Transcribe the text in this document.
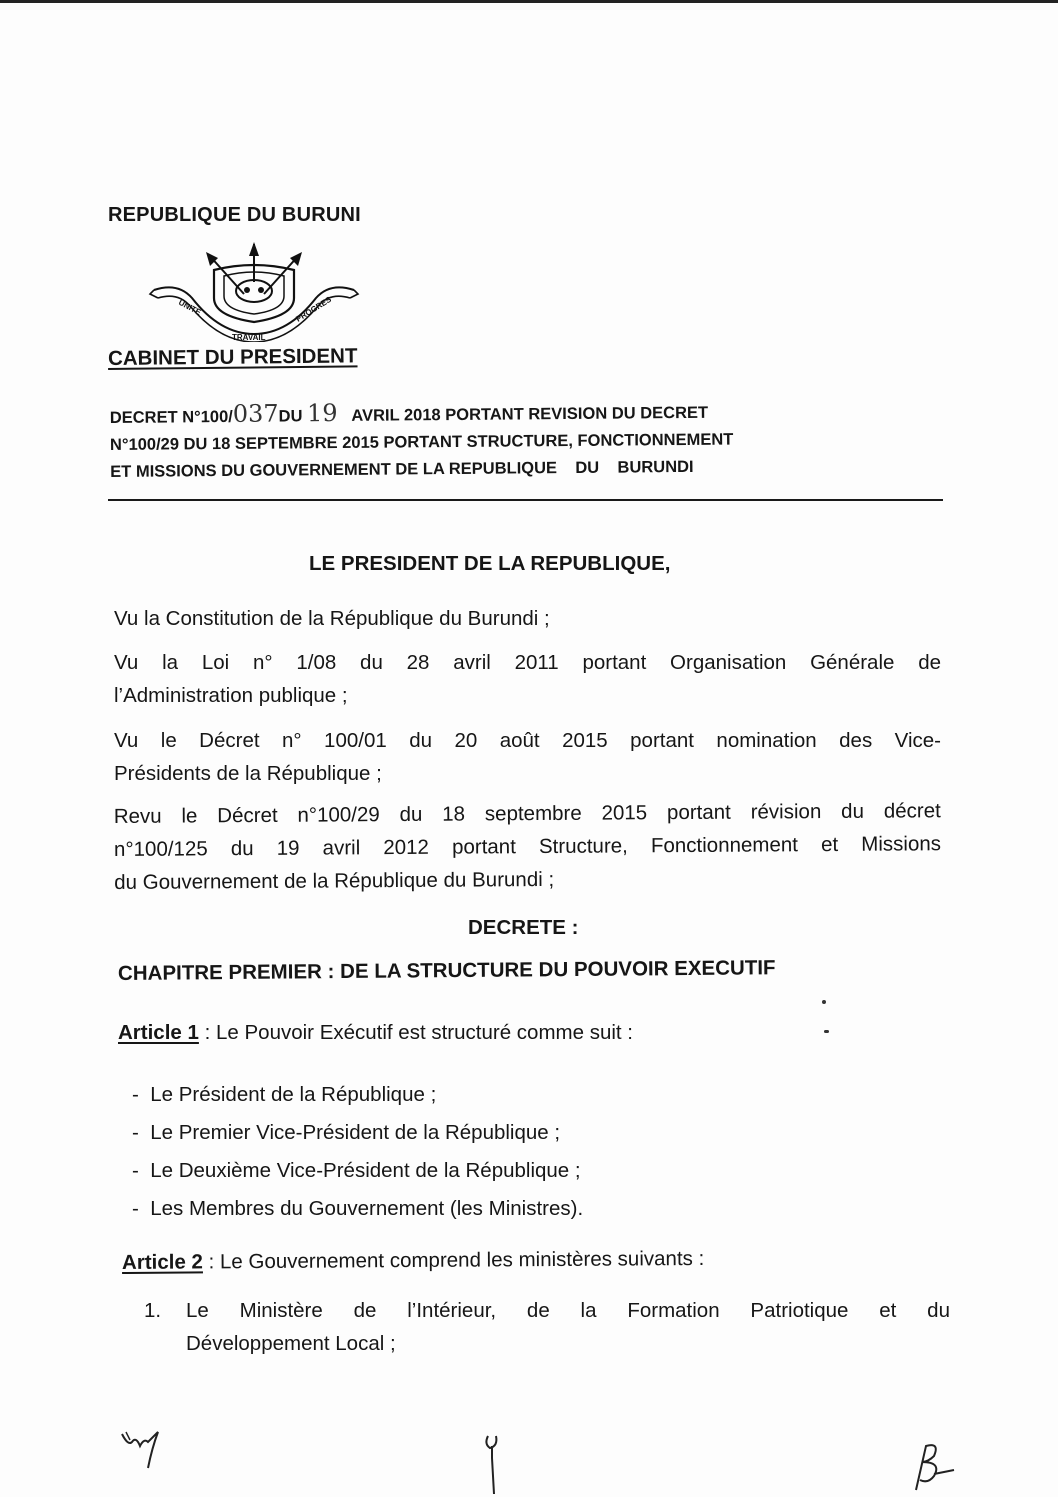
REPUBLIQUE DU BURUNI
UNITE
TRAVAIL
PROGRES
CABINET DU PRESIDENT
DECRET N°100/037DU 19 AVRIL 2018 PORTANT REVISION DU DECRET
N°100/29 DU 18 SEPTEMBRE 2015 PORTANT STRUCTURE, FONCTIONNEMENT
ET MISSIONS DU GOUVERNEMENT DE LA REPUBLIQUE    DU    BURUNDI
LE PRESIDENT DE LA REPUBLIQUE,
Vu la Constitution de la République du Burundi ;
Vu la Loi n° 1/08 du 28 avril 2011 portant Organisation Générale de
l’Administration publique ;
Vu le Décret n° 100/01 du 20 août 2015 portant nomination des Vice-
Présidents de la République ;
Revu le Décret n°100/29 du 18 septembre 2015 portant révision du décret
n°100/125 du 19 avril 2012 portant Structure, Fonctionnement et Missions
du Gouvernement de la République du Burundi ;
DECRETE :
CHAPITRE PREMIER : DE LA STRUCTURE DU POUVOIR EXECUTIF
Article 1 : Le Pouvoir Exécutif est structuré comme suit :
-  Le Président de la République ;
-  Le Premier Vice-Président de la République ;
-  Le Deuxième Vice-Président de la République ;
-  Les Membres du Gouvernement (les Ministres).
Article 2 : Le Gouvernement comprend les ministères suivants :
1. Le Ministère de l’Intérieur, de la Formation Patriotique et du
Développement Local ;
